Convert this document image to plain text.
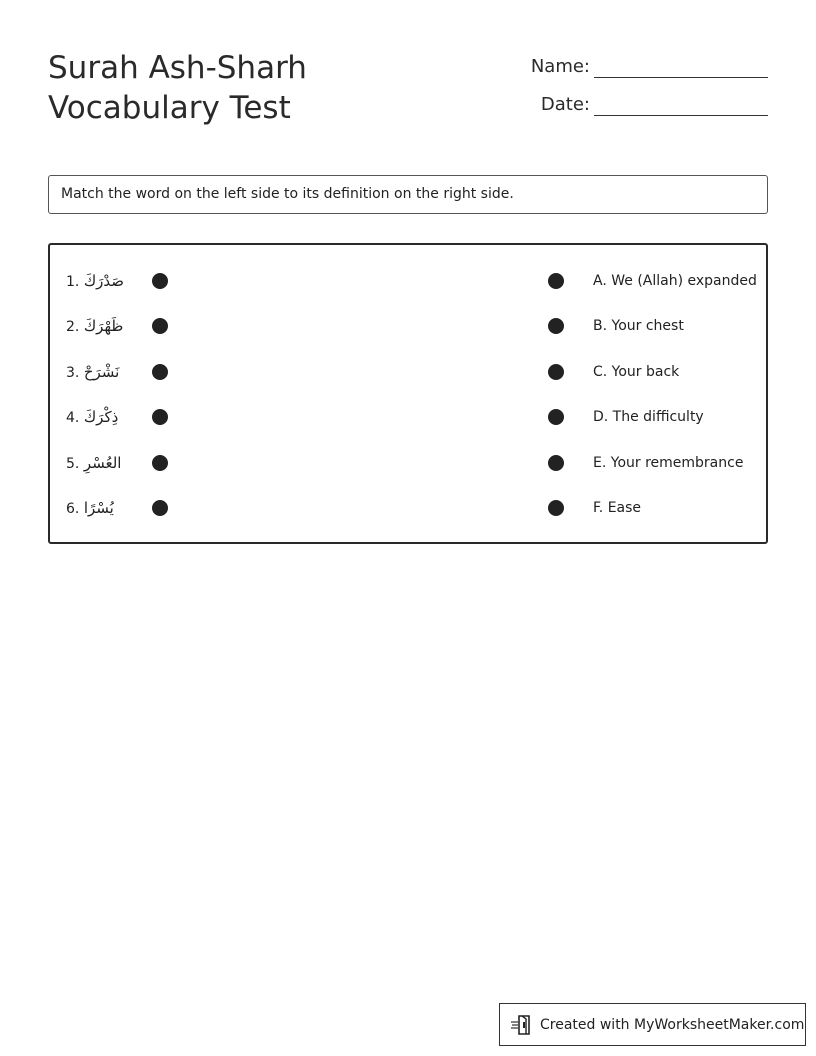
Surah Ash-Sharh Vocabulary Test
Name:
Date:
Match the word on the left side to its definition on the right side.
1. صَدْرَكَ	A. We (Allah) expanded
2. ظَهْرَكَ	B. Your chest
3. نَشْرَحْ	C. Your back
4. ذِكْرَكَ	D. The difficulty
5. العُسْرِ	E. Your remembrance
6. يُسْرًا	F. Ease
Created with MyWorksheetMaker.com
